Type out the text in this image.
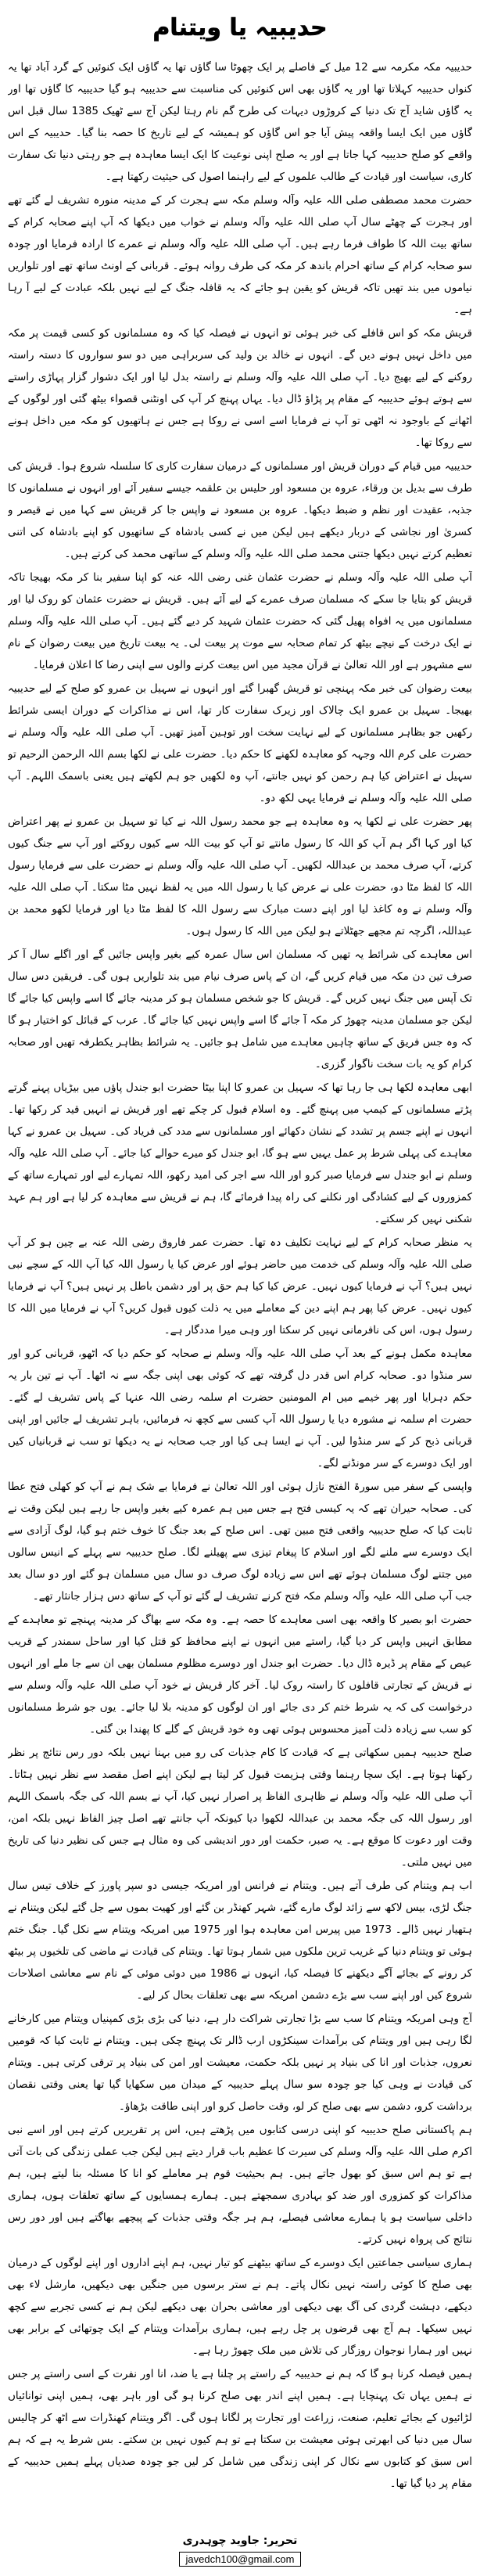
حدیبیہ یا ویتنام

حدیبیہ مکہ مکرمہ سے 12 میل کے فاصلے پر ایک چھوٹا سا گاؤں تھا یہ گاؤں ایک کنوئیں کے گرد آباد تھا یہ کنواں حدیبیہ کہلاتا تھا اور یہ گاؤں بھی اس کنوئیں کی مناسبت سے حدیبیہ ہو گیا حدیبیہ کا گاؤں تھا اور یہ گاؤں شاید آج تک دنیا کے کروڑوں دیہات کی طرح گم نام رہتا لیکن آج سے ٹھیک 1385 سال قبل اس گاؤں میں ایک ایسا واقعہ پیش آیا جو اس گاؤں کو ہمیشہ کے لیے تاریخ کا حصہ بنا گیا۔ حدیبیہ کے اس واقعے کو صلح حدیبیہ کہا جاتا ہے اور یہ صلح اپنی نوعیت کا ایک ایسا معاہدہ ہے جو رہتی دنیا تک سفارت کاری، سیاست اور قیادت کے طالب علموں کے لیے راہنما اصول کی حیثیت رکھتا ہے۔

حضرت محمد مصطفی صلی اللہ علیہ وآلہ وسلم مکہ سے ہجرت کر کے مدینہ منورہ تشریف لے گئے تھے اور ہجرت کے چھٹے سال آپ صلی اللہ علیہ وآلہ وسلم نے خواب میں دیکھا کہ آپ اپنے صحابہ کرام کے ساتھ بیت اللہ کا طواف فرما رہے ہیں۔ آپ صلی اللہ علیہ وآلہ وسلم نے عمرے کا ارادہ فرمایا اور چودہ سو صحابہ کرام کے ساتھ احرام باندھ کر مکہ کی طرف روانہ ہوئے۔ قربانی کے اونٹ ساتھ تھے اور تلواریں نیاموں میں بند تھیں تاکہ قریش کو یقین ہو جائے کہ یہ قافلہ جنگ کے لیے نہیں بلکہ عبادت کے لیے آ رہا ہے۔

قریش مکہ کو اس قافلے کی خبر ہوئی تو انہوں نے فیصلہ کیا کہ وہ مسلمانوں کو کسی قیمت پر مکہ میں داخل نہیں ہونے دیں گے۔ انہوں نے خالد بن ولید کی سربراہی میں دو سو سواروں کا دستہ راستہ روکنے کے لیے بھیج دیا۔ آپ صلی اللہ علیہ وآلہ وسلم نے راستہ بدل لیا اور ایک دشوار گزار پہاڑی راستے سے ہوتے ہوئے حدیبیہ کے مقام پر پڑاؤ ڈال دیا۔ یہاں پہنچ کر آپ کی اونٹنی قصواء بیٹھ گئی اور لوگوں کے اٹھانے کے باوجود نہ اٹھی تو آپ نے فرمایا اسے اسی نے روکا ہے جس نے ہاتھیوں کو مکہ میں داخل ہونے سے روکا تھا۔

حدیبیہ میں قیام کے دوران قریش اور مسلمانوں کے درمیان سفارت کاری کا سلسلہ شروع ہوا۔ قریش کی طرف سے بدیل بن ورقاء، عروہ بن مسعود اور حلیس بن علقمہ جیسے سفیر آئے اور انہوں نے مسلمانوں کا جذبہ، عقیدت اور نظم و ضبط دیکھا۔ عروہ بن مسعود نے واپس جا کر قریش سے کہا میں نے قیصر و کسریٰ اور نجاشی کے دربار دیکھے ہیں لیکن میں نے کسی بادشاہ کے ساتھیوں کو اپنے بادشاہ کی اتنی تعظیم کرتے نہیں دیکھا جتنی محمد صلی اللہ علیہ وآلہ وسلم کے ساتھی محمد کی کرتے ہیں۔

آپ صلی اللہ علیہ وآلہ وسلم نے حضرت عثمان غنی رضی اللہ عنہ کو اپنا سفیر بنا کر مکہ بھیجا تاکہ قریش کو بتایا جا سکے کہ مسلمان صرف عمرے کے لیے آئے ہیں۔ قریش نے حضرت عثمان کو روک لیا اور مسلمانوں میں یہ افواہ پھیل گئی کہ حضرت عثمان شہید کر دیے گئے ہیں۔ آپ صلی اللہ علیہ وآلہ وسلم نے ایک درخت کے نیچے بیٹھ کر تمام صحابہ سے موت پر بیعت لی۔ یہ بیعت تاریخ میں بیعت رضوان کے نام سے مشہور ہے اور اللہ تعالیٰ نے قرآن مجید میں اس بیعت کرنے والوں سے اپنی رضا کا اعلان فرمایا۔

بیعت رضوان کی خبر مکہ پہنچی تو قریش گھبرا گئے اور انہوں نے سہیل بن عمرو کو صلح کے لیے حدیبیہ بھیجا۔ سہیل بن عمرو ایک چالاک اور زیرک سفارت کار تھا، اس نے مذاکرات کے دوران ایسی شرائط رکھیں جو بظاہر مسلمانوں کے لیے نہایت سخت اور توہین آمیز تھیں۔ آپ صلی اللہ علیہ وآلہ وسلم نے حضرت علی کرم اللہ وجہہ کو معاہدہ لکھنے کا حکم دیا۔ حضرت علی نے لکھا بسم اللہ الرحمن الرحیم تو سہیل نے اعتراض کیا ہم رحمن کو نہیں جانتے، آپ وہ لکھیں جو ہم لکھتے ہیں یعنی باسمک اللہم۔ آپ صلی اللہ علیہ وآلہ وسلم نے فرمایا یہی لکھ دو۔

پھر حضرت علی نے لکھا یہ وہ معاہدہ ہے جو محمد رسول اللہ نے کیا تو سہیل بن عمرو نے پھر اعتراض کیا اور کہا اگر ہم آپ کو اللہ کا رسول مانتے تو آپ کو بیت اللہ سے کیوں روکتے اور آپ سے جنگ کیوں کرتے، آپ صرف محمد بن عبداللہ لکھیں۔ آپ صلی اللہ علیہ وآلہ وسلم نے حضرت علی سے فرمایا رسول اللہ کا لفظ مٹا دو، حضرت علی نے عرض کیا یا رسول اللہ میں یہ لفظ نہیں مٹا سکتا۔ آپ صلی اللہ علیہ وآلہ وسلم نے وہ کاغذ لیا اور اپنے دست مبارک سے رسول اللہ کا لفظ مٹا دیا اور فرمایا لکھو محمد بن عبداللہ، اگرچہ تم مجھے جھٹلاتے ہو لیکن میں اللہ کا رسول ہوں۔

اس معاہدے کی شرائط یہ تھیں کہ مسلمان اس سال عمرہ کیے بغیر واپس جائیں گے اور اگلے سال آ کر صرف تین دن مکہ میں قیام کریں گے، ان کے پاس صرف نیام میں بند تلواریں ہوں گی۔ فریقین دس سال تک آپس میں جنگ نہیں کریں گے۔ قریش کا جو شخص مسلمان ہو کر مدینہ جائے گا اسے واپس کیا جائے گا لیکن جو مسلمان مدینہ چھوڑ کر مکہ آ جائے گا اسے واپس نہیں کیا جائے گا۔ عرب کے قبائل کو اختیار ہو گا کہ وہ جس فریق کے ساتھ چاہیں معاہدے میں شامل ہو جائیں۔ یہ شرائط بظاہر یکطرفہ تھیں اور صحابہ کرام کو یہ بات سخت ناگوار گزری۔

ابھی معاہدہ لکھا ہی جا رہا تھا کہ سہیل بن عمرو کا اپنا بیٹا حضرت ابو جندل پاؤں میں بیڑیاں پہنے گرتے پڑتے مسلمانوں کے کیمپ میں پہنچ گئے۔ وہ اسلام قبول کر چکے تھے اور قریش نے انہیں قید کر رکھا تھا۔ انہوں نے اپنے جسم پر تشدد کے نشان دکھائے اور مسلمانوں سے مدد کی فریاد کی۔ سہیل بن عمرو نے کہا معاہدے کی پہلی شرط پر عمل یہیں سے ہو گا، ابو جندل کو میرے حوالے کیا جائے۔ آپ صلی اللہ علیہ وآلہ وسلم نے ابو جندل سے فرمایا صبر کرو اور اللہ سے اجر کی امید رکھو، اللہ تمہارے لیے اور تمہارے ساتھ کے کمزوروں کے لیے کشادگی اور نکلنے کی راہ پیدا فرمائے گا، ہم نے قریش سے معاہدہ کر لیا ہے اور ہم عہد شکنی نہیں کر سکتے۔

یہ منظر صحابہ کرام کے لیے نہایت تکلیف دہ تھا۔ حضرت عمر فاروق رضی اللہ عنہ بے چین ہو کر آپ صلی اللہ علیہ وآلہ وسلم کی خدمت میں حاضر ہوئے اور عرض کیا یا رسول اللہ کیا آپ اللہ کے سچے نبی نہیں ہیں؟ آپ نے فرمایا کیوں نہیں۔ عرض کیا کیا ہم حق پر اور دشمن باطل پر نہیں ہیں؟ آپ نے فرمایا کیوں نہیں۔ عرض کیا پھر ہم اپنے دین کے معاملے میں یہ ذلت کیوں قبول کریں؟ آپ نے فرمایا میں اللہ کا رسول ہوں، اس کی نافرمانی نہیں کر سکتا اور وہی میرا مددگار ہے۔

معاہدہ مکمل ہونے کے بعد آپ صلی اللہ علیہ وآلہ وسلم نے صحابہ کو حکم دیا کہ اٹھو، قربانی کرو اور سر منڈوا دو۔ صحابہ کرام اس قدر دل گرفتہ تھے کہ کوئی بھی اپنی جگہ سے نہ اٹھا۔ آپ نے تین بار یہ حکم دہرایا اور پھر خیمے میں ام المومنین حضرت ام سلمہ رضی اللہ عنہا کے پاس تشریف لے گئے۔ حضرت ام سلمہ نے مشورہ دیا یا رسول اللہ آپ کسی سے کچھ نہ فرمائیں، باہر تشریف لے جائیں اور اپنی قربانی ذبح کر کے سر منڈوا لیں۔ آپ نے ایسا ہی کیا اور جب صحابہ نے یہ دیکھا تو سب نے قربانیاں کیں اور ایک دوسرے کے سر مونڈنے لگے۔

واپسی کے سفر میں سورۃ الفتح نازل ہوئی اور اللہ تعالیٰ نے فرمایا بے شک ہم نے آپ کو کھلی فتح عطا کی۔ صحابہ حیران تھے کہ یہ کیسی فتح ہے جس میں ہم عمرہ کیے بغیر واپس جا رہے ہیں لیکن وقت نے ثابت کیا کہ صلح حدیبیہ واقعی فتح مبین تھی۔ اس صلح کے بعد جنگ کا خوف ختم ہو گیا، لوگ آزادی سے ایک دوسرے سے ملنے لگے اور اسلام کا پیغام تیزی سے پھیلنے لگا۔ صلح حدیبیہ سے پہلے کے انیس سالوں میں جتنے لوگ مسلمان ہوئے تھے اس سے زیادہ لوگ صرف دو سال میں مسلمان ہو گئے اور دو سال بعد جب آپ صلی اللہ علیہ وآلہ وسلم مکہ فتح کرنے تشریف لے گئے تو آپ کے ساتھ دس ہزار جانثار تھے۔

حضرت ابو بصیر کا واقعہ بھی اسی معاہدے کا حصہ ہے۔ وہ مکہ سے بھاگ کر مدینہ پہنچے تو معاہدے کے مطابق انہیں واپس کر دیا گیا، راستے میں انہوں نے اپنے محافظ کو قتل کیا اور ساحل سمندر کے قریب عیص کے مقام پر ڈیرہ ڈال دیا۔ حضرت ابو جندل اور دوسرے مظلوم مسلمان بھی ان سے جا ملے اور انہوں نے قریش کے تجارتی قافلوں کا راستہ روک لیا۔ آخر کار قریش نے خود آپ صلی اللہ علیہ وآلہ وسلم سے درخواست کی کہ یہ شرط ختم کر دی جائے اور ان لوگوں کو مدینہ بلا لیا جائے۔ یوں جو شرط مسلمانوں کو سب سے زیادہ ذلت آمیز محسوس ہوئی تھی وہ خود قریش کے گلے کا پھندا بن گئی۔

صلح حدیبیہ ہمیں سکھاتی ہے کہ قیادت کا کام جذبات کی رو میں بہنا نہیں بلکہ دور رس نتائج پر نظر رکھنا ہوتا ہے۔ ایک سچا رہنما وقتی ہزیمت قبول کر لیتا ہے لیکن اپنے اصل مقصد سے نظر نہیں ہٹاتا۔ آپ صلی اللہ علیہ وآلہ وسلم نے ظاہری الفاظ پر اصرار نہیں کیا، آپ نے بسم اللہ کی جگہ باسمک اللہم اور رسول اللہ کی جگہ محمد بن عبداللہ لکھوا دیا کیونکہ آپ جانتے تھے اصل چیز الفاظ نہیں بلکہ امن، وقت اور دعوت کا موقع ہے۔ یہ صبر، حکمت اور دور اندیشی کی وہ مثال ہے جس کی نظیر دنیا کی تاریخ میں نہیں ملتی۔

اب ہم ویتنام کی طرف آتے ہیں۔ ویتنام نے فرانس اور امریکہ جیسی دو سپر پاورز کے خلاف تیس سال جنگ لڑی، بیس لاکھ سے زائد لوگ مارے گئے، شہر کھنڈر بن گئے اور کھیت بموں سے جل گئے لیکن ویتنام نے ہتھیار نہیں ڈالے۔ 1973 میں پیرس امن معاہدہ ہوا اور 1975 میں امریکہ ویتنام سے نکل گیا۔ جنگ ختم ہوئی تو ویتنام دنیا کے غریب ترین ملکوں میں شمار ہوتا تھا۔ ویتنام کی قیادت نے ماضی کی تلخیوں پر بیٹھ کر رونے کے بجائے آگے دیکھنے کا فیصلہ کیا، انہوں نے 1986 میں دوئی موئی کے نام سے معاشی اصلاحات شروع کیں اور اپنے سب سے بڑے دشمن امریکہ سے بھی تعلقات بحال کر لیے۔

آج وہی امریکہ ویتنام کا سب سے بڑا تجارتی شراکت دار ہے، دنیا کی بڑی بڑی کمپنیاں ویتنام میں کارخانے لگا رہی ہیں اور ویتنام کی برآمدات سینکڑوں ارب ڈالر تک پہنچ چکی ہیں۔ ویتنام نے ثابت کیا کہ قومیں نعروں، جذبات اور انا کی بنیاد پر نہیں بلکہ حکمت، معیشت اور امن کی بنیاد پر ترقی کرتی ہیں۔ ویتنام کی قیادت نے وہی کیا جو چودہ سو سال پہلے حدیبیہ کے میدان میں سکھایا گیا تھا یعنی وقتی نقصان برداشت کرو، دشمن سے بھی صلح کر لو، وقت حاصل کرو اور اپنی طاقت بڑھاؤ۔

ہم پاکستانی صلح حدیبیہ کو اپنی درسی کتابوں میں پڑھتے ہیں، اس پر تقریریں کرتے ہیں اور اسے نبی اکرم صلی اللہ علیہ وآلہ وسلم کی سیرت کا عظیم باب قرار دیتے ہیں لیکن جب عملی زندگی کی بات آتی ہے تو ہم اس سبق کو بھول جاتے ہیں۔ ہم بحیثیت قوم ہر معاملے کو انا کا مسئلہ بنا لیتے ہیں، ہم مذاکرات کو کمزوری اور ضد کو بہادری سمجھتے ہیں۔ ہمارے ہمسایوں کے ساتھ تعلقات ہوں، ہماری داخلی سیاست ہو یا ہمارے معاشی فیصلے، ہم ہر جگہ وقتی جذبات کے پیچھے بھاگتے ہیں اور دور رس نتائج کی پرواہ نہیں کرتے۔

ہماری سیاسی جماعتیں ایک دوسرے کے ساتھ بیٹھنے کو تیار نہیں، ہم اپنے اداروں اور اپنے لوگوں کے درمیان بھی صلح کا کوئی راستہ نہیں نکال پاتے۔ ہم نے ستر برسوں میں جنگیں بھی دیکھیں، مارشل لاء بھی دیکھے، دہشت گردی کی آگ بھی دیکھی اور معاشی بحران بھی دیکھے لیکن ہم نے کسی تجربے سے کچھ نہیں سیکھا۔ ہم آج بھی قرضوں پر چل رہے ہیں، ہماری برآمدات ویتنام کے ایک چوتھائی کے برابر بھی نہیں اور ہمارا نوجوان روزگار کی تلاش میں ملک چھوڑ رہا ہے۔

ہمیں فیصلہ کرنا ہو گا کہ ہم نے حدیبیہ کے راستے پر چلنا ہے یا ضد، انا اور نفرت کے اسی راستے پر جس نے ہمیں یہاں تک پہنچایا ہے۔ ہمیں اپنے اندر بھی صلح کرنا ہو گی اور باہر بھی، ہمیں اپنی توانائیاں لڑائیوں کے بجائے تعلیم، صنعت، زراعت اور تجارت پر لگانا ہوں گی۔ اگر ویتنام کھنڈرات سے اٹھ کر چالیس سال میں دنیا کی ابھرتی ہوئی معیشت بن سکتا ہے تو ہم کیوں نہیں بن سکتے۔ بس شرط یہ ہے کہ ہم اس سبق کو کتابوں سے نکال کر اپنی زندگی میں شامل کر لیں جو چودہ صدیاں پہلے ہمیں حدیبیہ کے مقام پر دیا گیا تھا۔

تحریر: جاوید چوہدری
javedch100@gmail.com
